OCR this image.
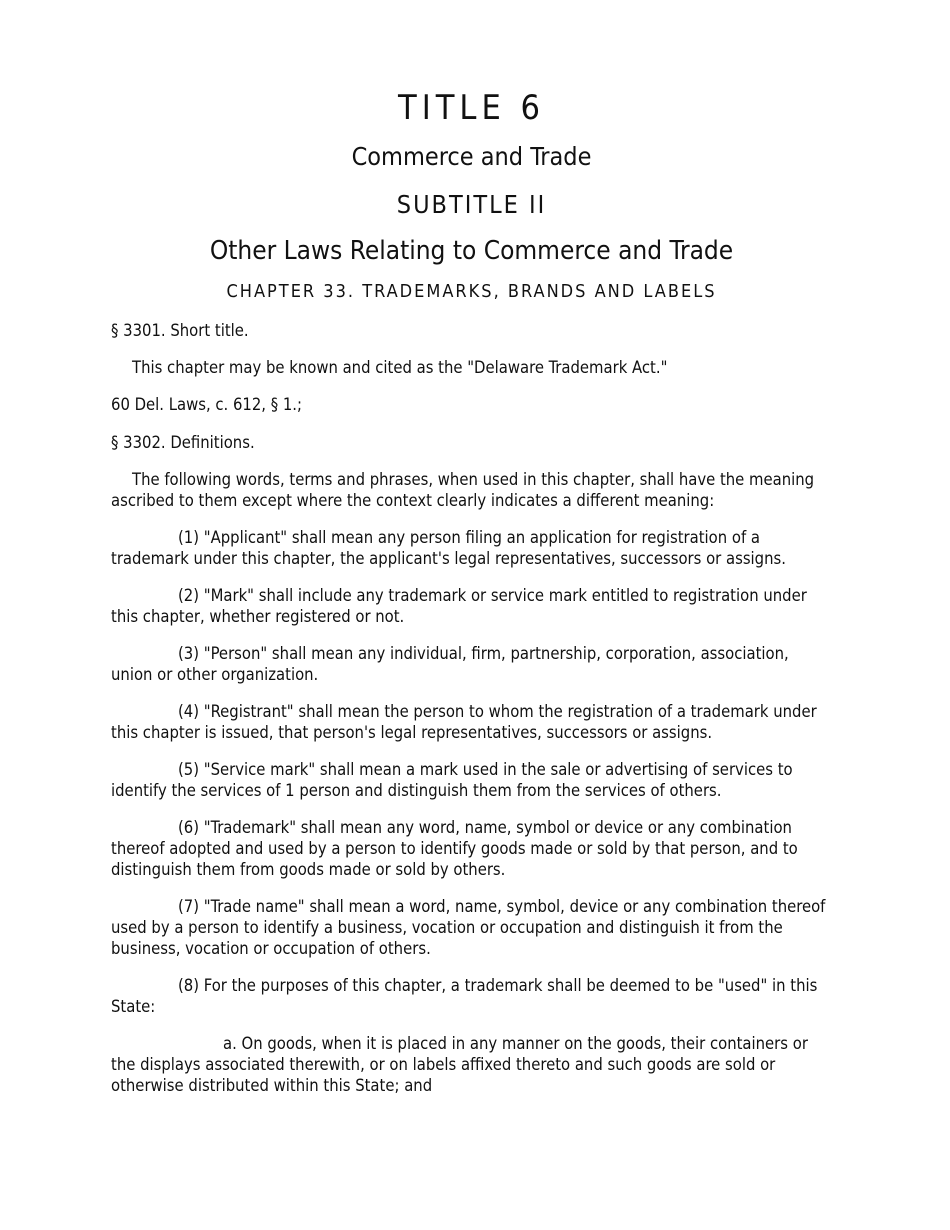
TITLE 6
Commerce and Trade
SUBTITLE II
Other Laws Relating to Commerce and Trade
CHAPTER 33. TRADEMARKS, BRANDS AND LABELS

§ 3301. Short title.

This chapter may be known and cited as the "Delaware Trademark Act."

60 Del. Laws, c. 612, § 1.;

§ 3302. Definitions.

The following words, terms and phrases, when used in this chapter, shall have the meaning ascribed to them except where the context clearly indicates a different meaning:

(1) "Applicant" shall mean any person filing an application for registration of a trademark under this chapter, the applicant's legal representatives, successors or assigns.

(2) "Mark" shall include any trademark or service mark entitled to registration under this chapter, whether registered or not.

(3) "Person" shall mean any individual, firm, partnership, corporation, association, union or other organization.

(4) "Registrant" shall mean the person to whom the registration of a trademark under this chapter is issued, that person's legal representatives, successors or assigns.

(5) "Service mark" shall mean a mark used in the sale or advertising of services to identify the services of 1 person and distinguish them from the services of others.

(6) "Trademark" shall mean any word, name, symbol or device or any combination thereof adopted and used by a person to identify goods made or sold by that person, and to distinguish them from goods made or sold by others.

(7) "Trade name" shall mean a word, name, symbol, device or any combination thereof used by a person to identify a business, vocation or occupation and distinguish it from the business, vocation or occupation of others.

(8) For the purposes of this chapter, a trademark shall be deemed to be "used" in this State:

a. On goods, when it is placed in any manner on the goods, their containers or the displays associated therewith, or on labels affixed thereto and such goods are sold or otherwise distributed within this State; and
